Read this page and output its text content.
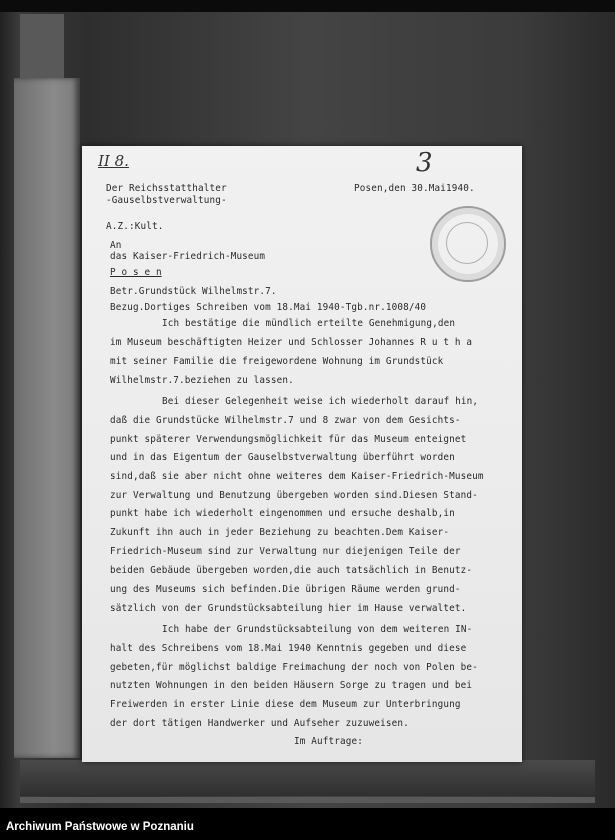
II 8.	3
Der Reichsstatthalter
-Gauselbstverwaltung-
Posen,den 30.Mai1940.
A.Z.:Kult.
An
das Kaiser-Friedrich-Museum
P o s e n
Betr.Grundstück Wilhelmstr.7.
Bezug.Dortiges Schreiben vom 18.Mai 1940-Tgb.nr.1008/40
Ich bestätige die mündlich erteilte Genehmigung,den
im Museum beschäftigten Heizer und Schlosser Johannes R u t h a
mit seiner Familie die freigewordene Wohnung im Grundstück
Wilhelmstr.7.beziehen zu lassen.
Bei dieser Gelegenheit weise ich wiederholt darauf hin,
daß die Grundstücke Wilhelmstr.7 und 8 zwar von dem Gesichts-
punkt späterer Verwendungsmöglichkeit für das Museum enteignet
und in das Eigentum der Gauselbstverwaltung überführt worden
sind,daß sie aber nicht ohne weiteres dem Kaiser-Friedrich-Museum
zur Verwaltung und Benutzung übergeben worden sind.Diesen Stand-
punkt habe ich wiederholt eingenommen und ersuche deshalb,in
Zukunft ihn auch in jeder Beziehung zu beachten.Dem Kaiser-
Friedrich-Museum sind zur Verwaltung nur diejenigen Teile der
beiden Gebäude übergeben worden,die auch tatsächlich in Benutz-
ung des Museums sich befinden.Die übrigen Räume werden grund-
sätzlich von der Grundstücksabteilung hier im Hause verwaltet.
Ich habe der Grundstücksabteilung von dem weiteren IN-
halt des Schreibens vom 18.Mai 1940 Kenntnis gegeben und diese
gebeten,für möglichst baldige Freimachung der noch von Polen be-
nutzten Wohnungen in den beiden Häusern Sorge zu tragen und bei
Freiwerden in erster Linie diese dem Museum zur Unterbringung
der dort tätigen Handwerker und Aufseher zuzuweisen.
Im Auftrage:
Archiwum Państwowe w Poznaniu
